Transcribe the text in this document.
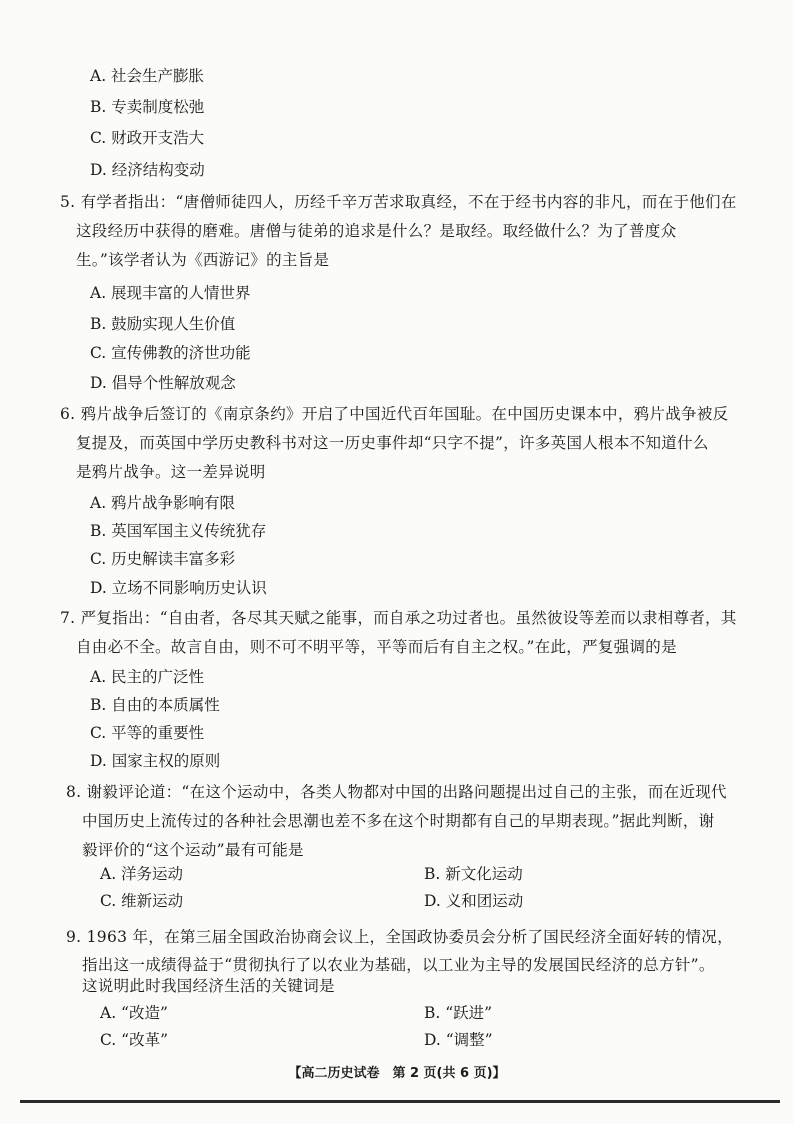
A. 社会生产膨胀
B. 专卖制度松弛
C. 财政开支浩大
D. 经济结构变动
5. 有学者指出：“唐僧师徒四人，历经千辛万苦求取真经，不在于经书内容的非凡，而在于他们在
这段经历中获得的磨难。唐僧与徒弟的追求是什么？是取经。取经做什么？为了普度众
生。”该学者认为《西游记》的主旨是
A. 展现丰富的人情世界
B. 鼓励实现人生价值
C. 宣传佛教的济世功能
D. 倡导个性解放观念
6. 鸦片战争后签订的《南京条约》开启了中国近代百年国耻。在中国历史课本中，鸦片战争被反
复提及，而英国中学历史教科书对这一历史事件却“只字不提”，许多英国人根本不知道什么
是鸦片战争。这一差异说明
A. 鸦片战争影响有限
B. 英国军国主义传统犹存
C. 历史解读丰富多彩
D. 立场不同影响历史认识
7. 严复指出：“自由者，各尽其天赋之能事，而自承之功过者也。虽然彼设等差而以隶相尊者，其
自由必不全。故言自由，则不可不明平等，平等而后有自主之权。”在此，严复强调的是
A. 民主的广泛性
B. 自由的本质属性
C. 平等的重要性
D. 国家主权的原则
8. 谢毅评论道：“在这个运动中，各类人物都对中国的出路问题提出过自己的主张，而在近现代
中国历史上流传过的各种社会思潮也差不多在这个时期都有自己的早期表现。”据此判断，谢
毅评价的“这个运动”最有可能是
A. 洋务运动	B. 新文化运动
C. 维新运动	D. 义和团运动
9. 1963 年，在第三届全国政治协商会议上，全国政协委员会分析了国民经济全面好转的情况，
指出这一成绩得益于“贯彻执行了以农业为基础，以工业为主导的发展国民经济的总方针”。
这说明此时我国经济生活的关键词是
A. “改造”	B. “跃进”
C. “改革”	D. “调整”
【高二历史试卷　第 2 页(共 6 页)】
